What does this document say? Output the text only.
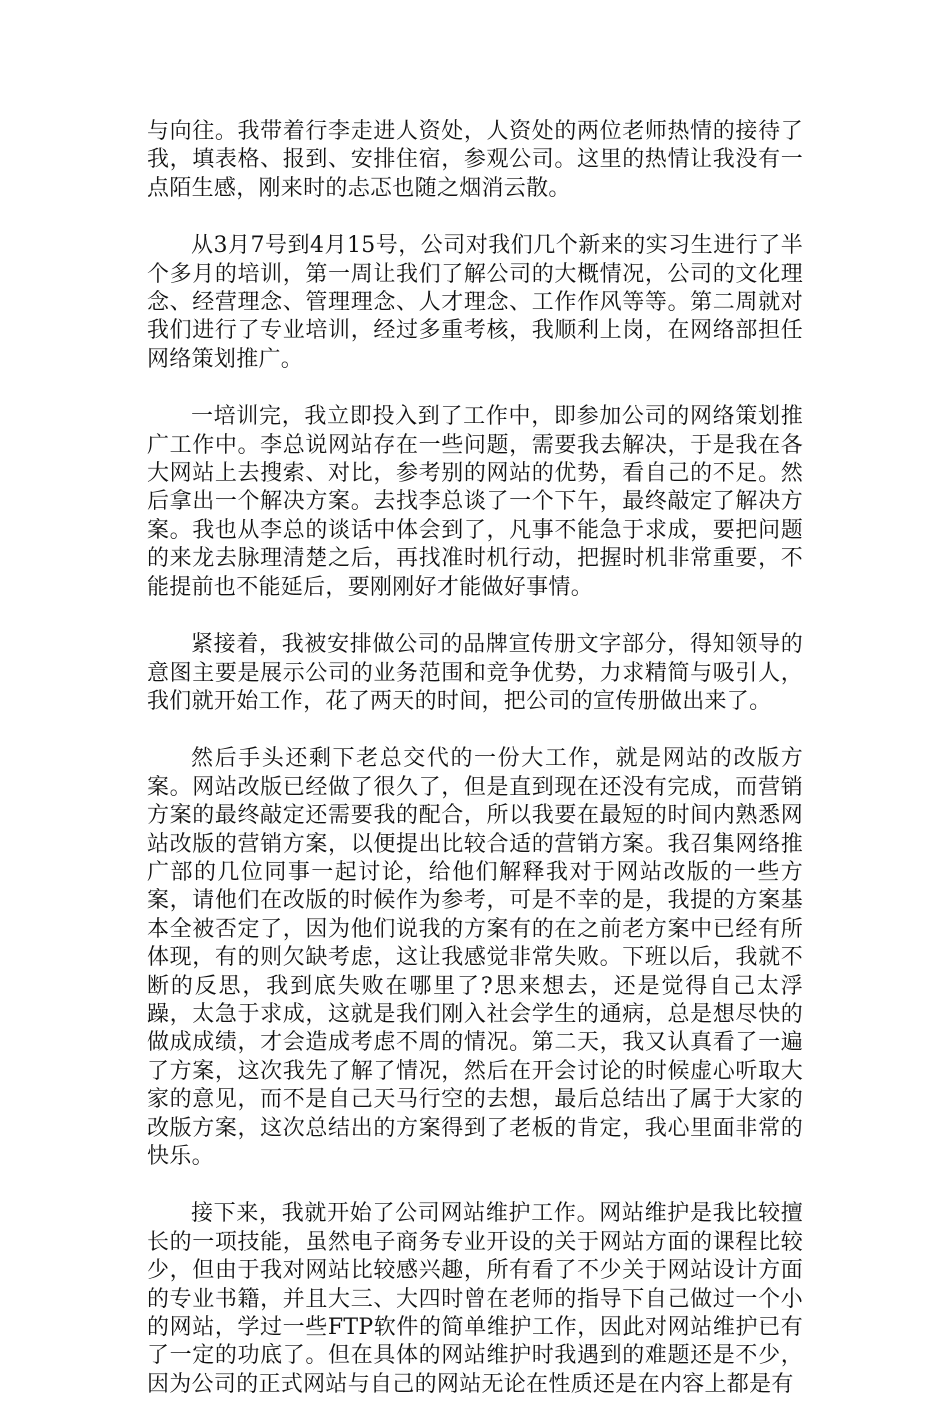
与向往。我带着行李走进人资处，人资处的两位老师热情的接待了我，填表格、报到、安排住宿，参观公司。这里的热情让我没有一点陌生感，刚来时的忐忑也随之烟消云散。

从3月7号到4月15号，公司对我们几个新来的实习生进行了半个多月的培训，第一周让我们了解公司的大概情况，公司的文化理念、经营理念、管理理念、人才理念、工作作风等等。第二周就对我们进行了专业培训，经过多重考核，我顺利上岗，在网络部担任网络策划推广。

一培训完，我立即投入到了工作中，即参加公司的网络策划推广工作中。李总说网站存在一些问题，需要我去解决，于是我在各大网站上去搜索、对比，参考别的网站的优势，看自己的不足。然后拿出一个解决方案。去找李总谈了一个下午，最终敲定了解决方案。我也从李总的谈话中体会到了，凡事不能急于求成，要把问题的来龙去脉理清楚之后，再找准时机行动，把握时机非常重要，不能提前也不能延后，要刚刚好才能做好事情。

紧接着，我被安排做公司的品牌宣传册文字部分，得知领导的意图主要是展示公司的业务范围和竞争优势，力求精简与吸引人，我们就开始工作，花了两天的时间，把公司的宣传册做出来了。

然后手头还剩下老总交代的一份大工作，就是网站的改版方案。网站改版已经做了很久了，但是直到现在还没有完成，而营销方案的最终敲定还需要我的配合，所以我要在最短的时间内熟悉网站改版的营销方案，以便提出比较合适的营销方案。我召集网络推广部的几位同事一起讨论，给他们解释我对于网站改版的一些方案，请他们在改版的时候作为参考，可是不幸的是，我提的方案基本全被否定了，因为他们说我的方案有的在之前老方案中已经有所体现，有的则欠缺考虑，这让我感觉非常失败。下班以后，我就不断的反思，我到底失败在哪里了?思来想去，还是觉得自己太浮躁，太急于求成，这就是我们刚入社会学生的通病，总是想尽快的做成成绩，才会造成考虑不周的情况。第二天，我又认真看了一遍了方案，这次我先了解了情况，然后在开会讨论的时候虚心听取大家的意见，而不是自己天马行空的去想，最后总结出了属于大家的改版方案，这次总结出的方案得到了老板的肯定，我心里面非常的快乐。

接下来，我就开始了公司网站维护工作。网站维护是我比较擅长的一项技能，虽然电子商务专业开设的关于网站方面的课程比较少，但由于我对网站比较感兴趣，所有看了不少关于网站设计方面的专业书籍，并且大三、大四时曾在老师的指导下自己做过一个小的网站，学过一些FTP软件的简单维护工作，因此对网站维护已有了一定的功底了。但在具体的网站维护时我遇到的难题还是不少，因为公司的正式网站与自己的网站无论在性质还是在内容上都是有
